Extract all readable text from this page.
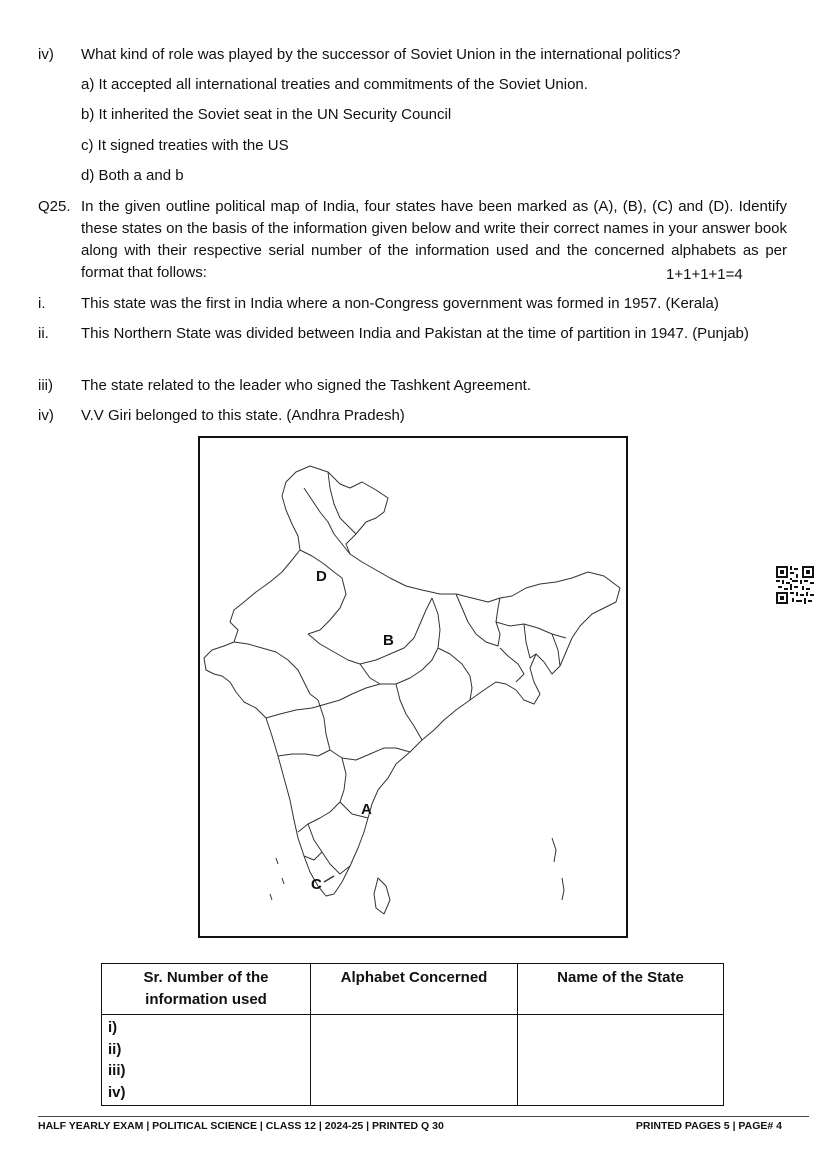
iv) What kind of role was played by the successor of Soviet Union in the international politics?
a) It accepted all international treaties and commitments of the Soviet Union.
b) It inherited the Soviet seat in the UN Security Council
c) It signed treaties with the US
d) Both a and b
Q25. In the given outline political map of India, four states have been marked as (A), (B), (C) and (D). Identify these states on the basis of the information given below and write their correct names in your answer book along with their respective serial number of the information used and the concerned alphabets as per format that follows:	1+1+1+1=4
i. This state was the first in India where a non-Congress government was formed in 1957. (Kerala)
ii. This Northern State was divided between India and Pakistan at the time of partition in 1947. (Punjab)
iii) The state related to the leader who signed the Tashkent Agreement.
iv) V.V Giri belonged to this state. (Andhra Pradesh)
D
B
A
C
Sr. Number of the information used	Alphabet Concerned	Name of the State

i)
ii)
iii)
iv)		

HALF YEARLY EXAM | POLITICAL SCIENCE | CLASS 12 | 2024-25 | PRINTED Q 30	PRINTED PAGES 5 | PAGE# 4
